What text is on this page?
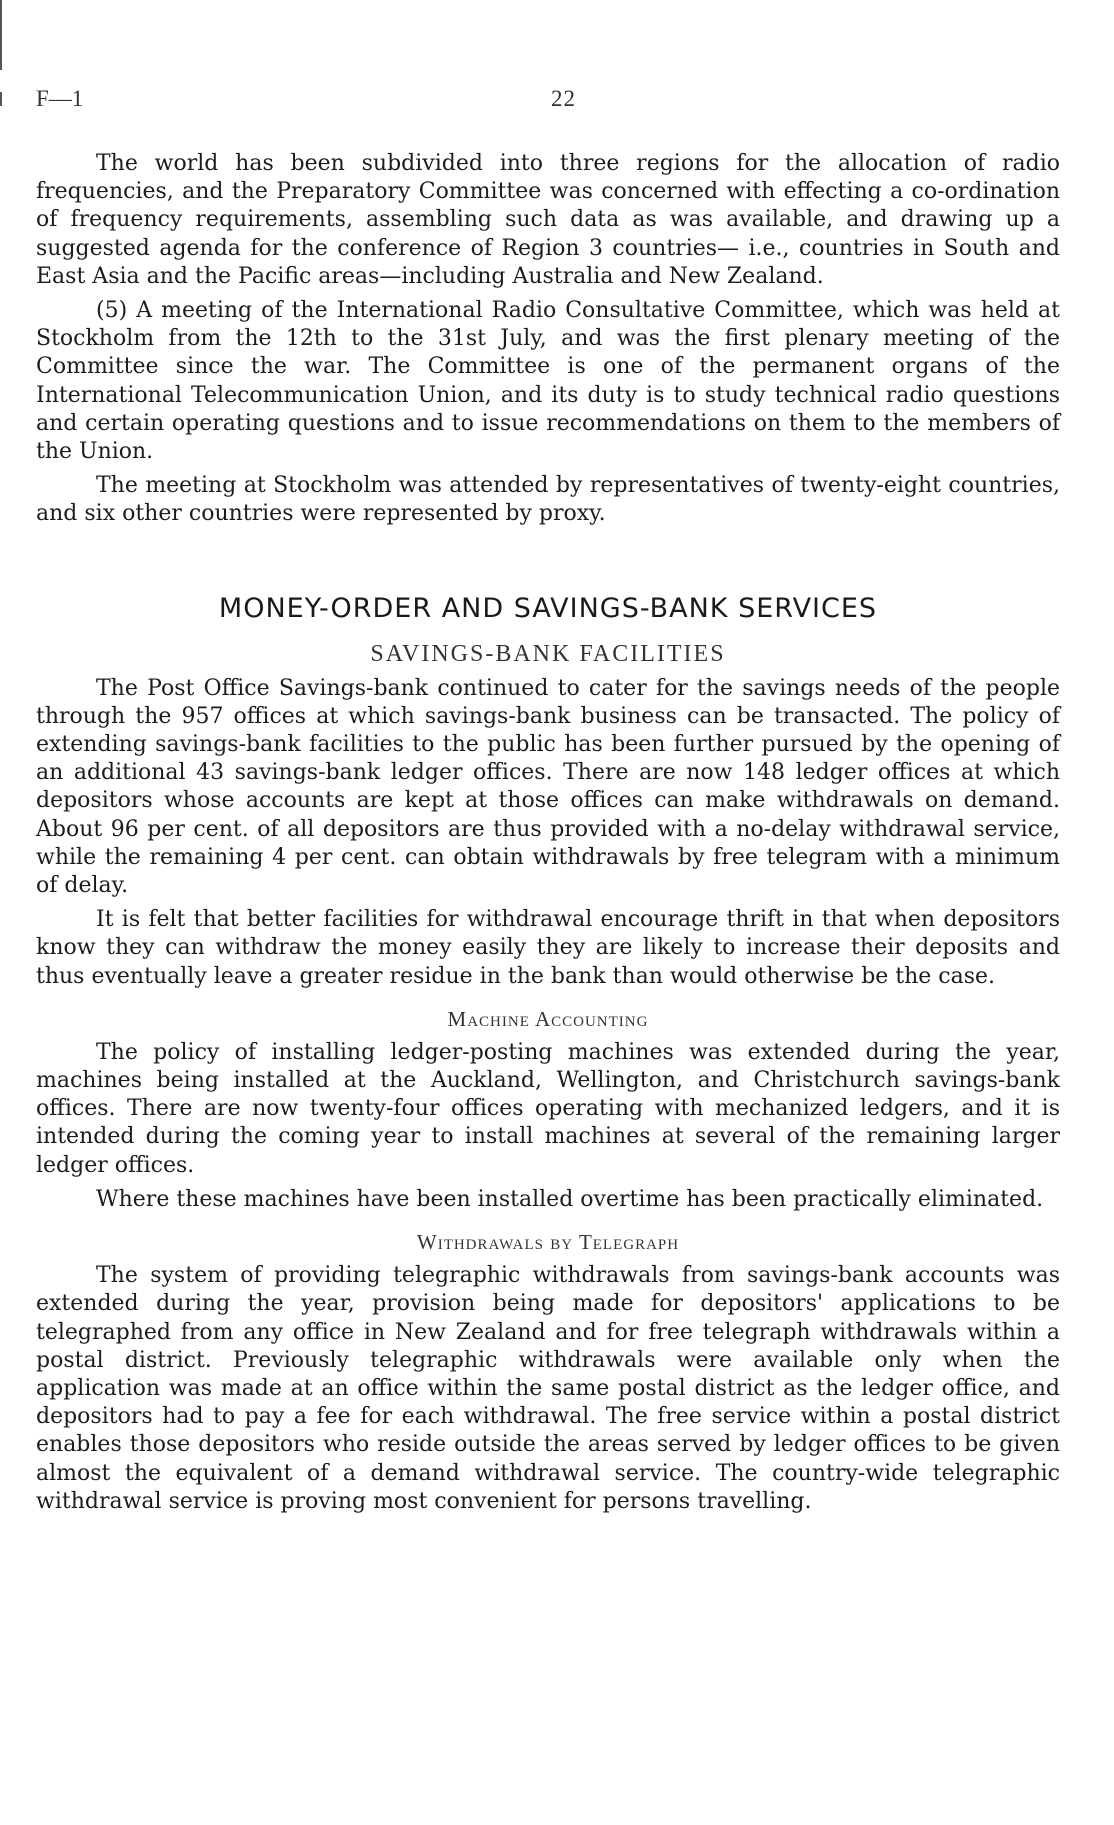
F—1	22

The world has been subdivided into three regions for the allocation of radio frequencies, and the Preparatory Committee was concerned with effecting a co-ordination of frequency requirements, assembling such data as was available, and drawing up a suggested agenda for the conference of Region 3 countries— i.e., countries in South and East Asia and the Pacific areas—including Australia and New Zealand.

(5) A meeting of the International Radio Consultative Committee, which was held at Stockholm from the 12th to the 31st July, and was the first plenary meeting of the Committee since the war. The Committee is one of the permanent organs of the International Telecommunication Union, and its duty is to study technical radio questions and certain operating questions and to issue recommendations on them to the members of the Union.

The meeting at Stockholm was attended by representatives of twenty-eight countries, and six other countries were represented by proxy.

MONEY-ORDER AND SAVINGS-BANK SERVICES
SAVINGS-BANK FACILITIES

The Post Office Savings-bank continued to cater for the savings needs of the people through the 957 offices at which savings-bank business can be transacted. The policy of extending savings-bank facilities to the public has been further pursued by the opening of an additional 43 savings-bank ledger offices. There are now 148 ledger offices at which depositors whose accounts are kept at those offices can make withdrawals on demand. About 96 per cent. of all depositors are thus provided with a no-delay withdrawal service, while the remaining 4 per cent. can obtain withdrawals by free telegram with a minimum of delay.

It is felt that better facilities for withdrawal encourage thrift in that when depositors know they can withdraw the money easily they are likely to increase their deposits and thus eventually leave a greater residue in the bank than would otherwise be the case.

Machine Accounting

The policy of installing ledger-posting machines was extended during the year, machines being installed at the Auckland, Wellington, and Christchurch savings-bank offices. There are now twenty-four offices operating with mechanized ledgers, and it is intended during the coming year to install machines at several of the remaining larger ledger offices.

Where these machines have been installed overtime has been practically eliminated.

Withdrawals by Telegraph

The system of providing telegraphic withdrawals from savings-bank accounts was extended during the year, provision being made for depositors' applications to be telegraphed from any office in New Zealand and for free telegraph withdrawals within a postal district. Previously telegraphic withdrawals were available only when the application was made at an office within the same postal district as the ledger office, and depositors had to pay a fee for each withdrawal. The free service within a postal district enables those depositors who reside outside the areas served by ledger offices to be given almost the equivalent of a demand withdrawal service. The country-wide telegraphic withdrawal service is proving most convenient for persons travelling.
